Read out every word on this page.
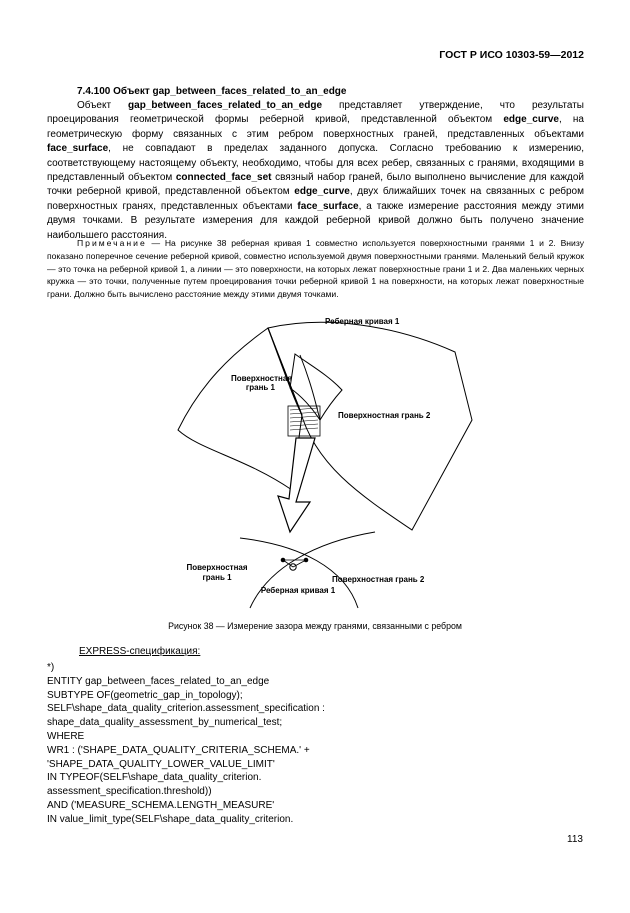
ГОСТ Р ИСО 10303-59—2012
7.4.100 Объект gap_between_faces_related_to_an_edge
Объект gap_between_faces_related_to_an_edge представляет утверждение, что результаты проецирования геометрической формы реберной кривой, представленной объектом edge_curve, на геометрическую форму связанных с этим ребром поверхностных граней, представленных объектами face_surface, не совпадают в пределах заданного допуска. Согласно требованию к измерению, соответствующему настоящему объекту, необходимо, чтобы для всех ребер, связанных с гранями, входящими в представленный объектом connected_face_set связный набор граней, было выполнено вычисление для каждой точки реберной кривой, представленной объектом edge_curve, двух ближайших точек на связанных с ребром поверхностных гранях, представленных объектами face_surface, а также измерение расстояния между этими двумя точками. В результате измерения для каждой реберной кривой должно быть получено значение наибольшего расстояния.
Примечание — На рисунке 38 реберная кривая 1 совместно используется поверхностными гранями 1 и 2. Внизу показано поперечное сечение реберной кривой, совместно используемой двумя поверхностными гранями. Маленький белый кружок — это точка на реберной кривой 1, а линии — это поверхности, на которых лежат поверхностные грани 1 и 2. Два маленьких черных кружка — это точки, полученные путем проецирования точки реберной кривой 1 на поверхности, на которых лежат поверхностные грани. Должно быть вычислено расстояние между этими двумя точками.
Реберная кривая 1
Поверхностная
грань 1
Поверхностная грань 2
Поверхностная
грань 1
Реберная кривая 1
Поверхностная грань 2
Рисунок 38 — Измерение зазора между гранями, связанными с ребром
EXPRESS-спецификация:
*)
ENTITY gap_between_faces_related_to_an_edge
SUBTYPE OF(geometric_gap_in_topology);
SELF\shape_data_quality_criterion.assessment_specification :
shape_data_quality_assessment_by_numerical_test;
WHERE
WR1 : ('SHAPE_DATA_QUALITY_CRITERIA_SCHEMA.' +
'SHAPE_DATA_QUALITY_LOWER_VALUE_LIMIT'
IN TYPEOF(SELF\shape_data_quality_criterion.
assessment_specification.threshold))
AND ('MEASURE_SCHEMA.LENGTH_MEASURE'
IN value_limit_type(SELF\shape_data_quality_criterion.
113
